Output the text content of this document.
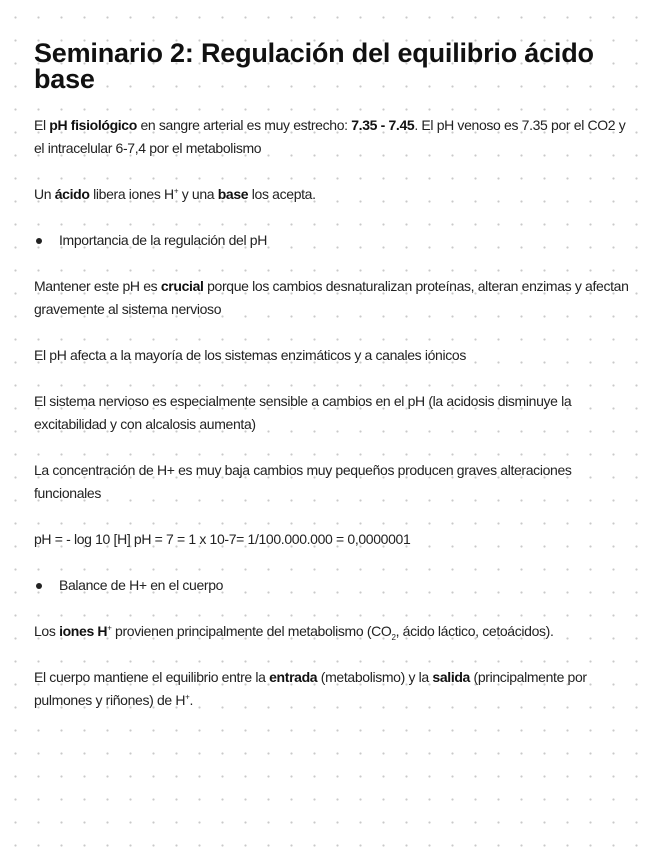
Seminario 2: Regulación del equilibrio ácido base

El pH fisiológico en sangre arterial es muy estrecho: 7.35 - 7.45. El pH venoso es 7.35 por el CO2 y el intracelular 6-7,4 por el metabolismo

Un ácido libera iones H+ y una base los acepta.

Importancia de la regulación del pH

Mantener este pH es crucial porque los cambios desnaturalizan proteínas, alteran enzimas y afectan gravemente al sistema nervioso

El pH afecta a la mayoría de los sistemas enzimáticos y a canales iónicos

El sistema nervioso es especialmente sensible a cambios en el pH (la acidosis disminuye la excitabilidad y con alcalosis aumenta)

La concentración de H+ es muy baja cambios muy pequeños producen graves alteraciones funcionales

pH = - log 10 [H] pH = 7 = 1 x 10-7= 1/100.000.000 = 0,0000001

Balance de H+ en el cuerpo

Los iones H+ provienen principalmente del metabolismo ($CO_2$, ácido láctico, cetoácidos).

El cuerpo mantiene el equilibrio entre la entrada (metabolismo) y la salida (principalmente por pulmones y riñones) de H+.
